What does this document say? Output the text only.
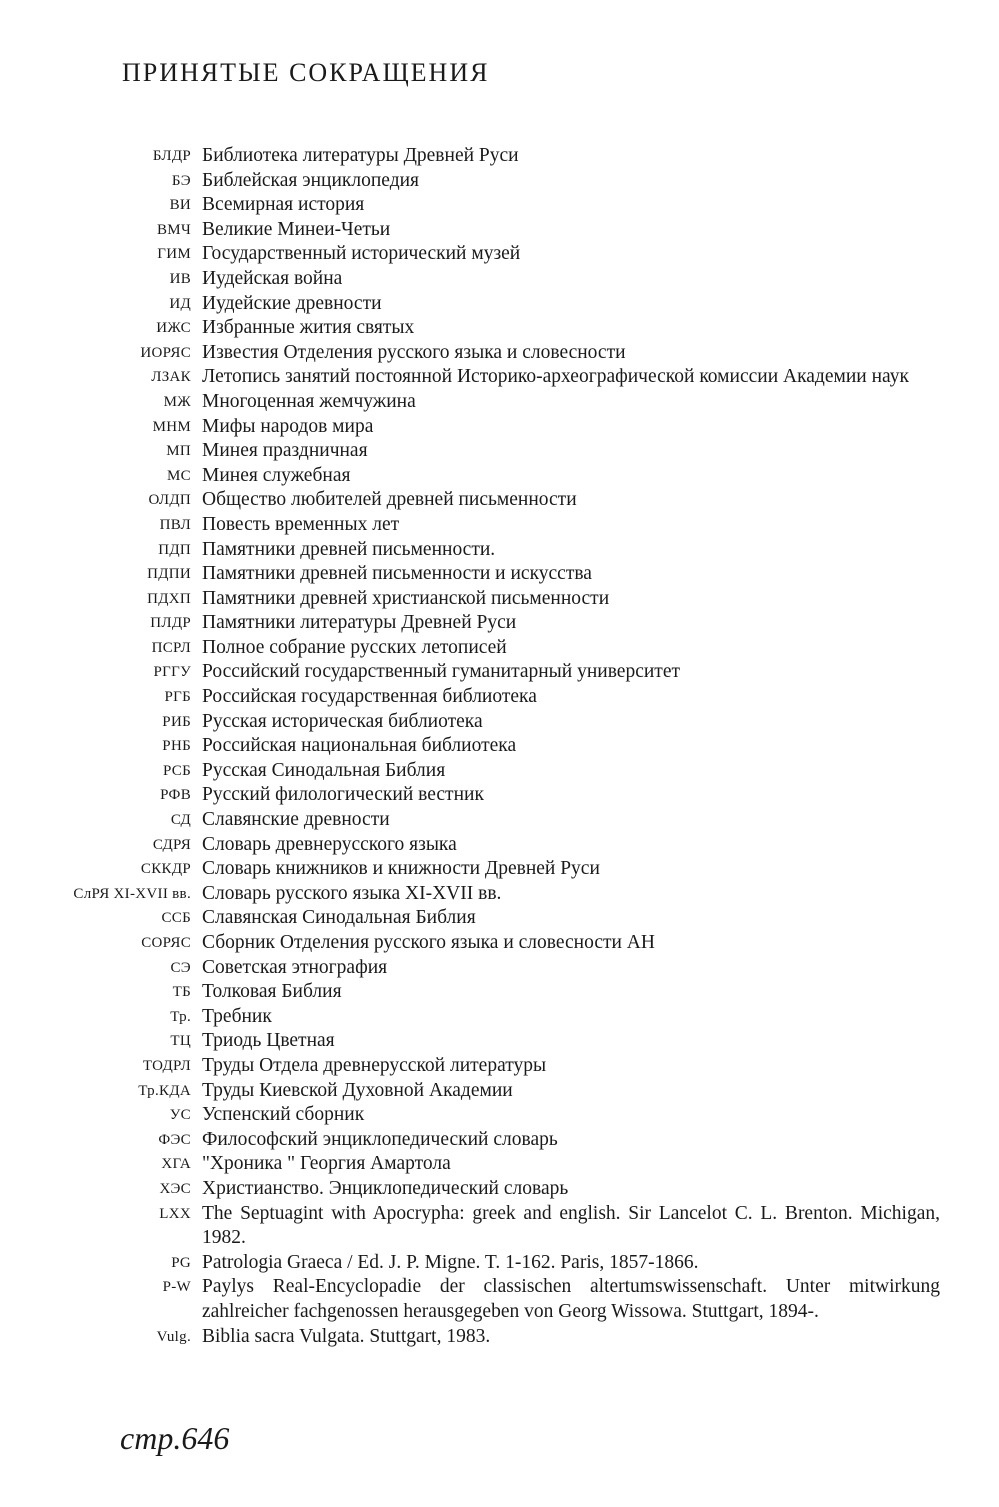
ПРИНЯТЫЕ СОКРАЩЕНИЯ
БЛДР Библиотека литературы Древней Руси
БЭ Библейская энциклопедия
ВИ Всемирная история
ВМЧ Великие Минеи-Четьи
ГИМ Государственный исторический музей
ИВ Иудейская война
ИД Иудейские древности
ИЖС Избранные жития святых
ИОРЯС Известия Отделения русского языка и словесности
ЛЗАК Летопись занятий постоянной Историко-археографической комиссии Академии наук
МЖ Многоценная жемчужина
МНМ Мифы народов мира
МП Минея праздничная
МС Минея служебная
ОЛДП Общество любителей древней письменности
ПВЛ Повесть временных лет
ПДП Памятники древней письменности.
ПДПИ Памятники древней письменности и искусства
ПДХП Памятники древней христианской письменности
ПЛДР Памятники литературы Древней Руси
ПСРЛ Полное собрание русских летописей
РГГУ Российский государственный гуманитарный университет
РГБ Российская государственная библиотека
РИБ Русская историческая библиотека
РНБ Российская национальная библиотека
РСБ Русская Синодальная Библия
РФВ Русский филологический вестник
СД Славянские древности
СДРЯ Словарь древнерусского языка
СККДР Словарь книжников и книжности Древней Руси
СлРЯ XI-XVII вв. Словарь русского языка XI-XVII вв.
ССБ Славянская Синодальная Библия
СОРЯС Сборник Отделения русского языка и словесности АН
СЭ Советская этнография
ТБ Толковая Библия
Тр. Требник
ТЦ Триодь Цветная
ТОДРЛ Труды Отдела древнерусской литературы
Тр.КДА Труды Киевской Духовной Академии
УС Успенский сборник
ФЭС Философский энциклопедический словарь
ХГА "Хроника " Георгия Амартола
ХЭС Христианство. Энциклопедический словарь
LXX The Septuagint with Apocrypha: greek and english. Sir Lancelot C. L. Brenton. Michigan, 1982.
PG Patrologia Graeca / Ed. J. P. Migne. T. 1-162. Paris, 1857-1866.
P-W Paylys Real-Encyclopadie der classischen altertumswissenschaft. Unter mitwirkung zahlreicher fachgenossen herausgegeben von Georg Wissowa. Stuttgart, 1894-.
Vulg. Biblia sacra Vulgata. Stuttgart, 1983.
стр.646
